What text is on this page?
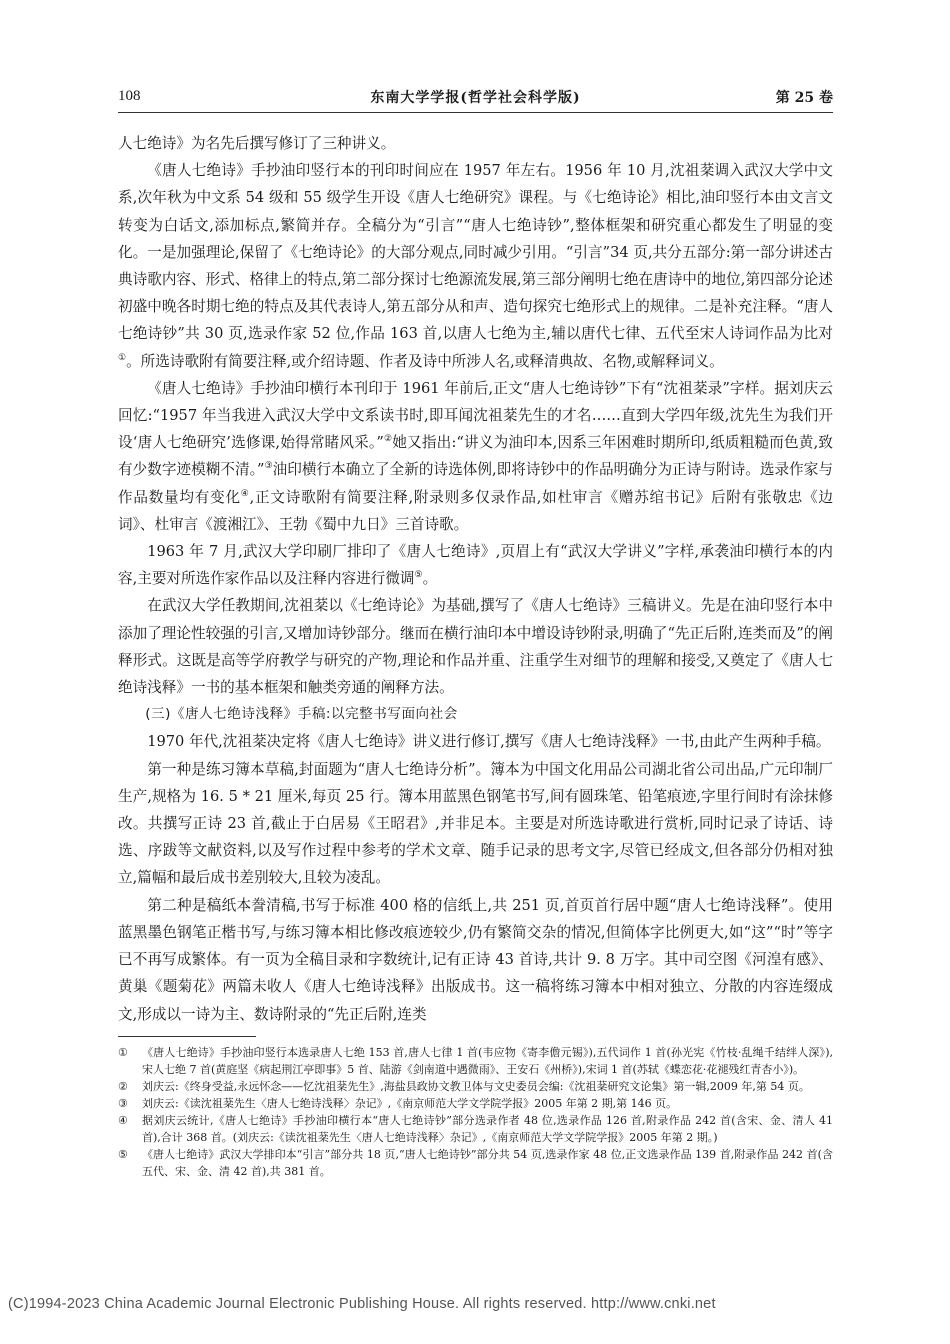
108	东南大学学报(哲学社会科学版)	第 25 卷

人七绝诗》为名先后撰写修订了三种讲义。

《唐人七绝诗》手抄油印竖行本的刊印时间应在 1957 年左右。1956 年 10 月,沈祖棻调入武汉大学中文系,次年秋为中文系 54 级和 55 级学生开设《唐人七绝研究》课程。与《七绝诗论》相比,油印竖行本由文言文转变为白话文,添加标点,繁简并存。全稿分为“引言”“唐人七绝诗钞”,整体框架和研究重心都发生了明显的变化。一是加强理论,保留了《七绝诗论》的大部分观点,同时减少引用。“引言”34 页,共分五部分:第一部分讲述古典诗歌内容、形式、格律上的特点,第二部分探讨七绝源流发展,第三部分阐明七绝在唐诗中的地位,第四部分论述初盛中晚各时期七绝的特点及其代表诗人,第五部分从和声、造句探究七绝形式上的规律。二是补充注释。“唐人七绝诗钞”共 30 页,选录作家 52 位,作品 163 首,以唐人七绝为主,辅以唐代七律、五代至宋人诗词作品为比对①。所选诗歌附有简要注释,或介绍诗题、作者及诗中所涉人名,或释清典故、名物,或解释词义。

《唐人七绝诗》手抄油印横行本刊印于 1961 年前后,正文“唐人七绝诗钞”下有“沈祖棻录”字样。据刘庆云回忆:“1957 年当我进入武汉大学中文系读书时,即耳闻沈祖棻先生的才名……直到大学四年级,沈先生为我们开设‘唐人七绝研究’选修课,始得常睹风采。”②她又指出:“讲义为油印本,因系三年困难时期所印,纸质粗糙而色黄,致有少数字迹模糊不清。”③油印横行本确立了全新的诗选体例,即将诗钞中的作品明确分为正诗与附诗。选录作家与作品数量均有变化④,正文诗歌附有简要注释,附录则多仅录作品,如杜审言《赠苏绾书记》后附有张敬忠《边词》、杜审言《渡湘江》、王勃《蜀中九日》三首诗歌。

1963 年 7 月,武汉大学印刷厂排印了《唐人七绝诗》,页眉上有“武汉大学讲义”字样,承袭油印横行本的内容,主要对所选作家作品以及注释内容进行微调⑤。

在武汉大学任教期间,沈祖棻以《七绝诗论》为基础,撰写了《唐人七绝诗》三稿讲义。先是在油印竖行本中添加了理论性较强的引言,又增加诗钞部分。继而在横行油印本中增设诗钞附录,明确了“先正后附,连类而及”的阐释形式。这既是高等学府教学与研究的产物,理论和作品并重、注重学生对细节的理解和接受,又奠定了《唐人七绝诗浅释》一书的基本框架和触类旁通的阐释方法。

(三)《唐人七绝诗浅释》手稿:以完整书写面向社会

1970 年代,沈祖棻决定将《唐人七绝诗》讲义进行修订,撰写《唐人七绝诗浅释》一书,由此产生两种手稿。

第一种是练习簿本草稿,封面题为“唐人七绝诗分析”。簿本为中国文化用品公司湖北省公司出品,广元印制厂生产,规格为 16. 5 * 21 厘米,每页 25 行。簿本用蓝黑色钢笔书写,间有圆珠笔、铅笔痕迹,字里行间时有涂抹修改。共撰写正诗 23 首,截止于白居易《王昭君》,并非足本。主要是对所选诗歌进行赏析,同时记录了诗话、诗选、序跋等文献资料,以及写作过程中参考的学术文章、随手记录的思考文字,尽管已经成文,但各部分仍相对独立,篇幅和最后成书差别较大,且较为凌乱。

第二种是稿纸本誊清稿,书写于标准 400 格的信纸上,共 251 页,首页首行居中题“唐人七绝诗浅释”。使用蓝黑墨色钢笔正楷书写,与练习簿本相比修改痕迹较少,仍有繁简交杂的情况,但简体字比例更大,如“这”“时”等字已不再写成繁体。有一页为全稿目录和字数统计,记有正诗 43 首诗,共计 9. 8 万字。其中司空图《河湟有感》、黄巢《题菊花》两篇未收人《唐人七绝诗浅释》出版成书。这一稿将练习簿本中相对独立、分散的内容连缀成文,形成以一诗为主、数诗附录的“先正后附,连类

① 《唐人七绝诗》手抄油印竖行本选录唐人七绝 153 首,唐人七律 1 首(韦应物《寄李儋元锡》),五代词作 1 首(孙光宪《竹枝·乱绳千结绊人深》),宋人七绝 7 首(黄庭坚《病起荆江亭即事》5 首、陆游《剑南道中遇微雨》、王安石《州桥》),宋词 1 首(苏轼《蝶恋花·花褪残红青杏小》)。
② 刘庆云:《终身受益,永远怀念——忆沈祖棻先生》,海盐县政协文教卫体与文史委员会编:《沈祖棻研究文论集》第一辑,2009 年,第 54 页。
③ 刘庆云:《读沈祖棻先生〈唐人七绝诗浅释〉杂记》,《南京师范大学文学院学报》2005 年第 2 期,第 146 页。
④ 据刘庆云统计,《唐人七绝诗》手抄油印横行本“唐人七绝诗钞”部分选录作者 48 位,选录作品 126 首,附录作品 242 首(含宋、金、清人 41 首),合计 368 首。(刘庆云:《读沈祖棻先生〈唐人七绝诗浅释〉杂记》,《南京师范大学文学院学报》2005 年第 2 期。)
⑤ 《唐人七绝诗》武汉大学排印本“引言”部分共 18 页,“唐人七绝诗钞”部分共 54 页,选录作家 48 位,正文选录作品 139 首,附录作品 242 首(含五代、宋、金、清 42 首),共 381 首。
(C)1994-2023 China Academic Journal Electronic Publishing House. All rights reserved. http://www.cnki.net
